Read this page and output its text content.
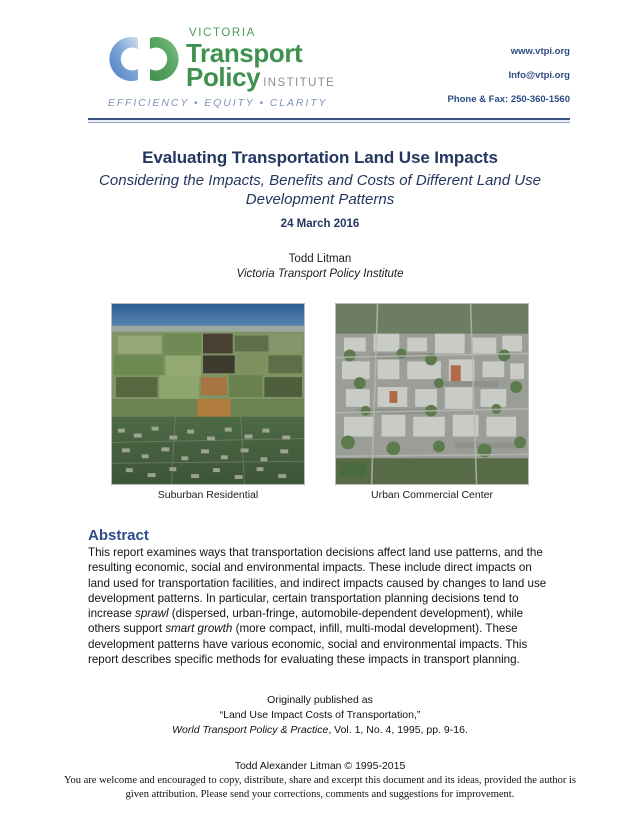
VICTORIA
Transport
Policy INSTITUTE
EFFICIENCY • EQUITY • CLARITY
www.vtpi.org
Info@vtpi.org
Phone & Fax: 250-360-1560
Evaluating Transportation Land Use Impacts

Considering the Impacts, Benefits and Costs of Different Land Use Development Patterns

24 March 2016
Todd Litman
Victoria Transport Policy Institute
Suburban Residential	Urban Commercial Center
Abstract

This report examines ways that transportation decisions affect land use patterns, and the resulting economic, social and environmental impacts. These include direct impacts on land used for transportation facilities, and indirect impacts caused by changes to land use development patterns. In particular, certain transportation planning decisions tend to increase sprawl (dispersed, urban-fringe, automobile-dependent development), while others support smart growth (more compact, infill, multi-modal development). These development patterns have various economic, social and environmental impacts. This report describes specific methods for evaluating these impacts in transport planning.

Originally published as
“Land Use Impact Costs of Transportation,”
World Transport Policy & Practice, Vol. 1, No. 4, 1995, pp. 9-16.
Todd Alexander Litman © 1995-2015
You are welcome and encouraged to copy, distribute, share and excerpt this document and its ideas, provided the author is given attribution. Please send your corrections, comments and suggestions for improvement.
